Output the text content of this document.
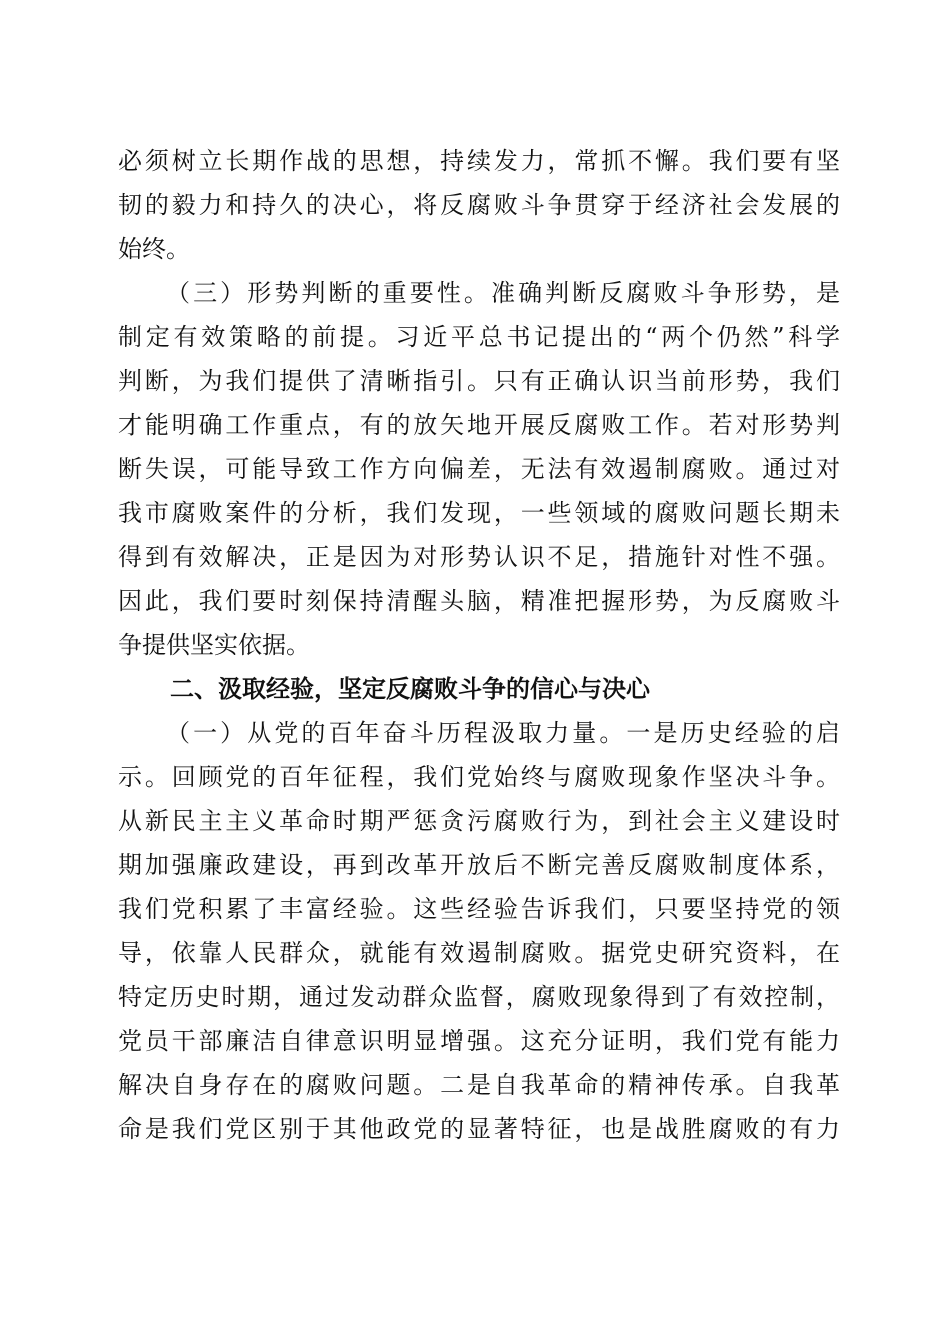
必须树立长期作战的思想，持续发力，常抓不懈。我们要有坚
韧的毅力和持久的决心，将反腐败斗争贯穿于经济社会发展的
始终。
（三）形势判断的重要性。准确判断反腐败斗争形势，是
制定有效策略的前提。习近平总书记提出的“两个仍然”科学
判断，为我们提供了清晰指引。只有正确认识当前形势，我们
才能明确工作重点，有的放矢地开展反腐败工作。若对形势判
断失误，可能导致工作方向偏差，无法有效遏制腐败。通过对
我市腐败案件的分析，我们发现，一些领域的腐败问题长期未
得到有效解决，正是因为对形势认识不足，措施针对性不强。
因此，我们要时刻保持清醒头脑，精准把握形势，为反腐败斗
争提供坚实依据。
二、汲取经验，坚定反腐败斗争的信心与决心
（一）从党的百年奋斗历程汲取力量。一是历史经验的启
示。回顾党的百年征程，我们党始终与腐败现象作坚决斗争。
从新民主主义革命时期严惩贪污腐败行为，到社会主义建设时
期加强廉政建设，再到改革开放后不断完善反腐败制度体系，
我们党积累了丰富经验。这些经验告诉我们，只要坚持党的领
导，依靠人民群众，就能有效遏制腐败。据党史研究资料，在
特定历史时期，通过发动群众监督，腐败现象得到了有效控制，
党员干部廉洁自律意识明显增强。这充分证明，我们党有能力
解决自身存在的腐败问题。二是自我革命的精神传承。自我革
命是我们党区别于其他政党的显著特征，也是战胜腐败的有力
